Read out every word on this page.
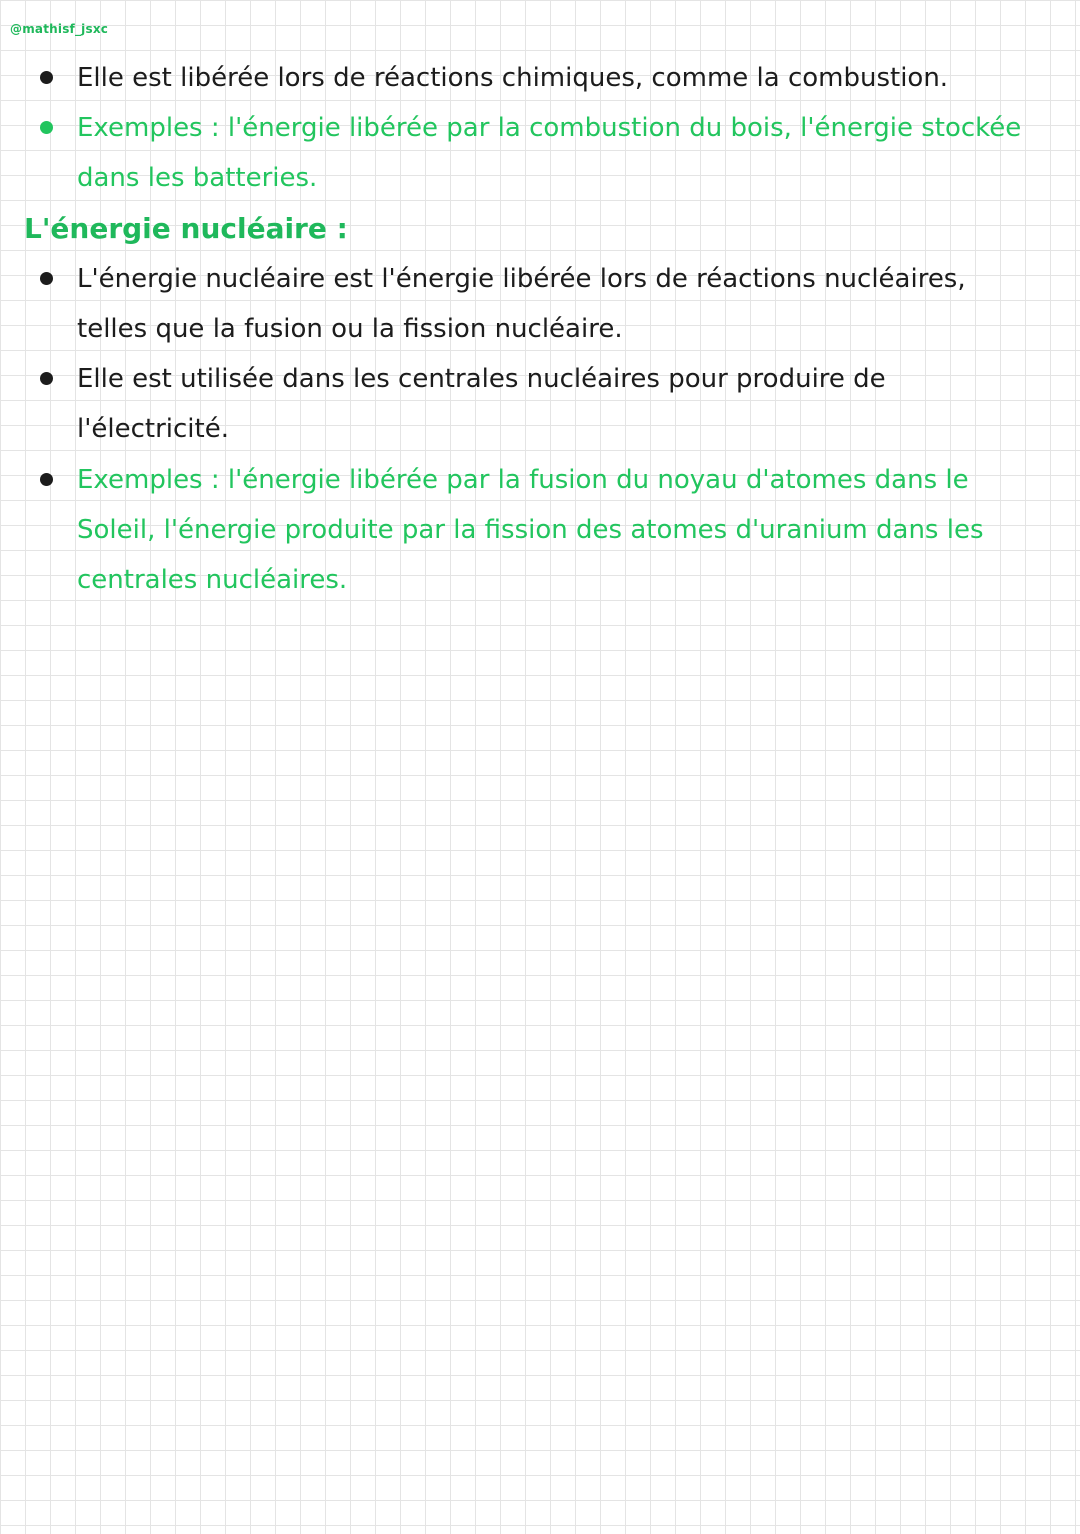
@mathisf_jsxc
Elle est libérée lors de réactions chimiques, comme la combustion.
Exemples : l'énergie libérée par la combustion du bois, l'énergie stockée
dans les batteries.
L'énergie nucléaire :
L'énergie nucléaire est l'énergie libérée lors de réactions nucléaires,
telles que la fusion ou la fission nucléaire.
Elle est utilisée dans les centrales nucléaires pour produire de
l'électricité.
Exemples : l'énergie libérée par la fusion du noyau d'atomes dans le
Soleil, l'énergie produite par la fission des atomes d'uranium dans les
centrales nucléaires.
